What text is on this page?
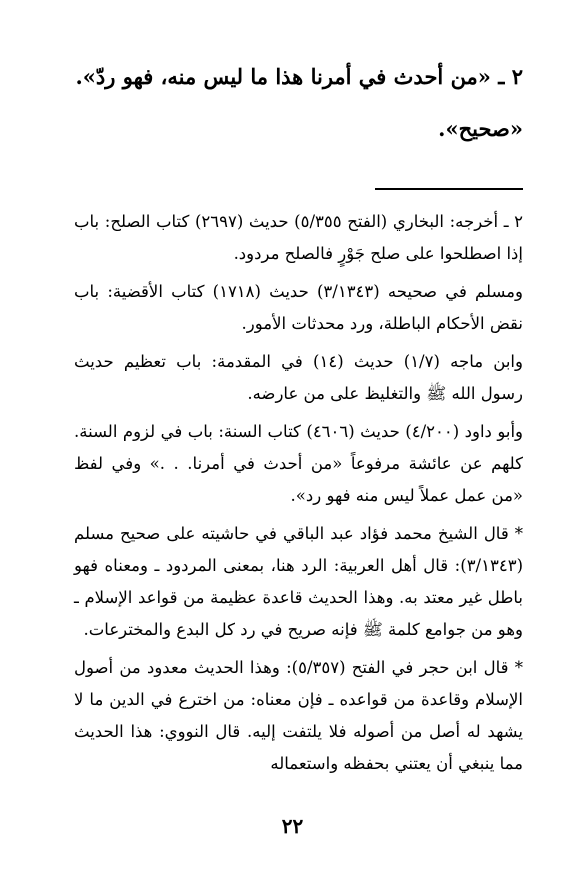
٢ ـ «من أحدث في أمرنا هذا ما ليس منه، فهو ردّ».

«صحيح».

٢ ـ أخرجه: البخاري (الفتح ٥/٣٥٥) حديث (٢٦٩٧) كتاب الصلح: باب إذا اصطلحوا على صلح جَوْرٍ فالصلح مردود.

ومسلم في صحيحه (٣/١٣٤٣) حديث (١٧١٨) كتاب الأقضية: باب نقض الأحكام الباطلة، ورد محدثات الأمور.

وابن ماجه (١/٧) حديث (١٤) في المقدمة: باب تعظيم حديث رسول الله ﷺ والتغليظ على من عارضه.

وأبو داود (٤/٢٠٠) حديث (٤٦٠٦) كتاب السنة: باب في لزوم السنة. كلهم عن عائشة مرفوعاً «من أحدث في أمرنا. . .» وفي لفظ «من عمل عملاً ليس منه فهو رد».

* قال الشيخ محمد فؤاد عبد الباقي في حاشيته على صحيح مسلم (٣/١٣٤٣): قال أهل العربية: الرد هنا، بمعنى المردود ـ ومعناه فهو باطل غير معتد به. وهذا الحديث قاعدة عظيمة من قواعد الإسلام ـ وهو من جوامع كلمة ﷺ فإنه صريح في رد كل البدع والمخترعات.

* قال ابن حجر في الفتح (٥/٣٥٧): وهذا الحديث معدود من أصول الإسلام وقاعدة من قواعده ـ فإن معناه: من اخترع في الدين ما لا يشهد له أصل من أصوله فلا يلتفت إليه. قال النووي: هذا الحديث مما ينبغي أن يعتني بحفظه واستعماله

٢٢
